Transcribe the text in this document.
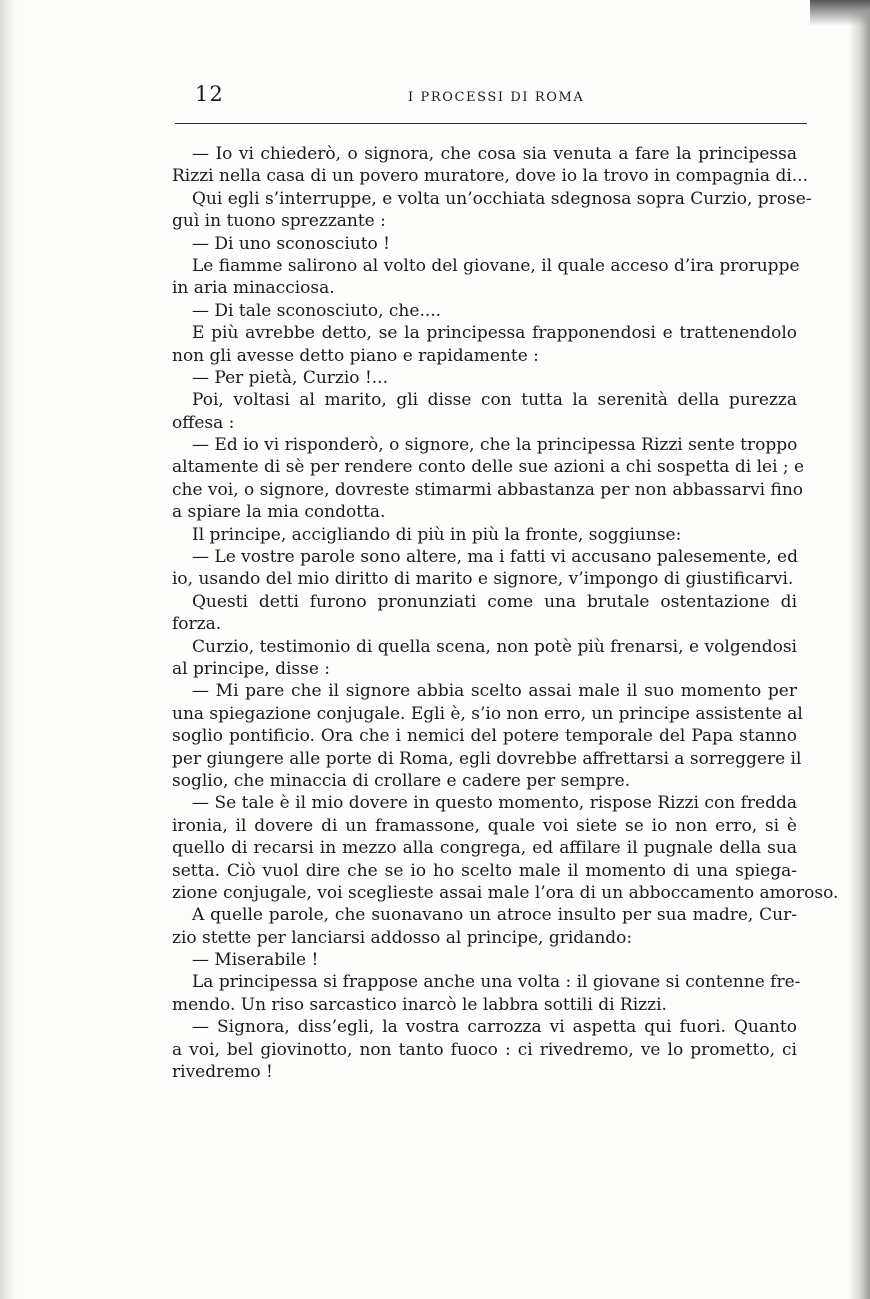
12	I PROCESSI DI ROMA
— Io vi chiederò, o signora, che cosa sia venuta a fare la principessa
Rizzi nella casa di un povero muratore, dove io la trovo in compagnia di...
Qui egli s’interruppe, e volta un’occhiata sdegnosa sopra Curzio, prose-
guì in tuono sprezzante :
— Di uno sconosciuto !
Le fiamme salirono al volto del giovane, il quale acceso d’ira proruppe
in aria minacciosa.
— Di tale sconosciuto, che....
E più avrebbe detto, se la principessa frapponendosi e trattenendolo
non gli avesse detto piano e rapidamente :
— Per pietà, Curzio !...
Poi, voltasi al marito, gli disse con tutta la serenità della purezza
offesa :
— Ed io vi risponderò, o signore, che la principessa Rizzi sente troppo
altamente di sè per rendere conto delle sue azioni a chi sospetta di lei ; e
che voi, o signore, dovreste stimarmi abbastanza per non abbassarvi fino
a spiare la mia condotta.
Il principe, accigliando di più in più la fronte, soggiunse:
— Le vostre parole sono altere, ma i fatti vi accusano palesemente, ed
io, usando del mio diritto di marito e signore, v’impongo di giustificarvi.
Questi detti furono pronunziati come una brutale ostentazione di
forza.
Curzio, testimonio di quella scena, non potè più frenarsi, e volgendosi
al principe, disse :
— Mi pare che il signore abbia scelto assai male il suo momento per
una spiegazione conjugale. Egli è, s’io non erro, un principe assistente al
soglio pontificio. Ora che i nemici del potere temporale del Papa stanno
per giungere alle porte di Roma, egli dovrebbe affrettarsi a sorreggere il
soglio, che minaccia di crollare e cadere per sempre.
— Se tale è il mio dovere in questo momento, rispose Rizzi con fredda
ironia, il dovere di un framassone, quale voi siete se io non erro, si è
quello di recarsi in mezzo alla congrega, ed affilare il pugnale della sua
setta. Ciò vuol dire che se io ho scelto male il momento di una spiega-
zione conjugale, voi sceglieste assai male l’ora di un abboccamento amoroso.
A quelle parole, che suonavano un atroce insulto per sua madre, Cur-
zio stette per lanciarsi addosso al principe, gridando:
— Miserabile !
La principessa si frappose anche una volta : il giovane si contenne fre-
mendo. Un riso sarcastico inarcò le labbra sottili di Rizzi.
— Signora, diss’egli, la vostra carrozza vi aspetta qui fuori. Quanto
a voi, bel giovinotto, non tanto fuoco : ci rivedremo, ve lo prometto, ci
rivedremo !
